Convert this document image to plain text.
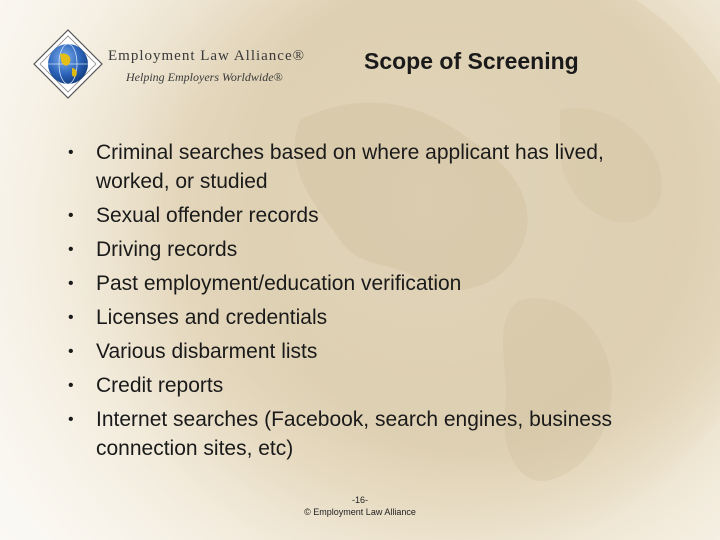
Employment Law Alliance®
Helping Employers Worldwide®
Scope of Screening
• Criminal searches based on where applicant has lived, worked, or studied
• Sexual offender records
• Driving records
• Past employment/education verification
• Licenses and credentials
• Various disbarment lists
• Credit reports
• Internet searches (Facebook, search engines, business connection sites, etc)
-16-
© Employment Law Alliance
